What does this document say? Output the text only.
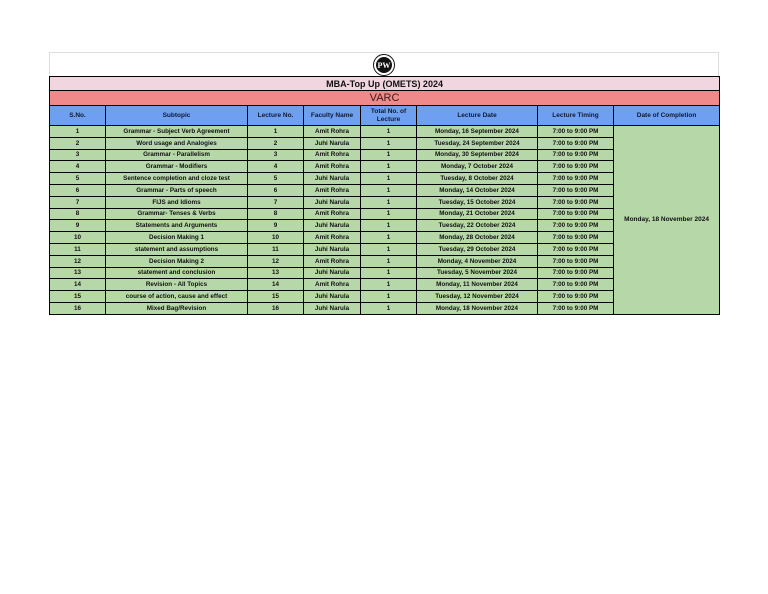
PW
MBA-Top Up (OMETS) 2024							
VARC							
S.No.	Subtopic	Lecture No.	Faculty Name	Total No. of Lecture	Lecture Date	Lecture Timing	Date of Completion
1	Grammar - Subject Verb Agreement	1	Amit Rohra	1	Monday, 16 September 2024	7:00 to 9:00 PM	Monday, 18 November 2024
2	Word usage and Analogies	2	Juhi Narula	1	Tuesday, 24 September 2024	7:00 to 9:00 PM	
3	Grammar - Parallelism	3	Amit Rohra	1	Monday, 30 September 2024	7:00 to 9:00 PM	
4	Grammar - Modifiers	4	Amit Rohra	1	Monday, 7 October 2024	7:00 to 9:00 PM	
5	Sentence completion and cloze test	5	Juhi Narula	1	Tuesday, 8 October 2024	7:00 to 9:00 PM	
6	Grammar - Parts of speech	6	Amit Rohra	1	Monday, 14 October 2024	7:00 to 9:00 PM	
7	FIJS and Idioms	7	Juhi Narula	1	Tuesday, 15 October 2024	7:00 to 9:00 PM	
8	Grammar- Tenses & Verbs	8	Amit Rohra	1	Monday, 21 October 2024	7:00 to 9:00 PM	
9	Statements and Arguments	9	Juhi Narula	1	Tuesday, 22 October 2024	7:00 to 9:00 PM	
10	Decision Making 1	10	Amit Rohra	1	Monday, 28 October 2024	7:00 to 9:00 PM	
11	statement and assumptions	11	Juhi Narula	1	Tuesday, 29 October 2024	7:00 to 9:00 PM	
12	Decision Making 2	12	Amit Rohra	1	Monday, 4 November 2024	7:00 to 9:00 PM	
13	statement and conclusion	13	Juhi Narula	1	Tuesday, 5 November 2024	7:00 to 9:00 PM	
14	Revision - All Topics	14	Amit Rohra	1	Monday, 11 November 2024	7:00 to 9:00 PM	
15	course of action, cause and effect	15	Juhi Narula	1	Tuesday, 12 November 2024	7:00 to 9:00 PM	
16	Mixed Bag/Revision	16	Juhi Narula	1	Monday, 18 November 2024	7:00 to 9:00 PM	
